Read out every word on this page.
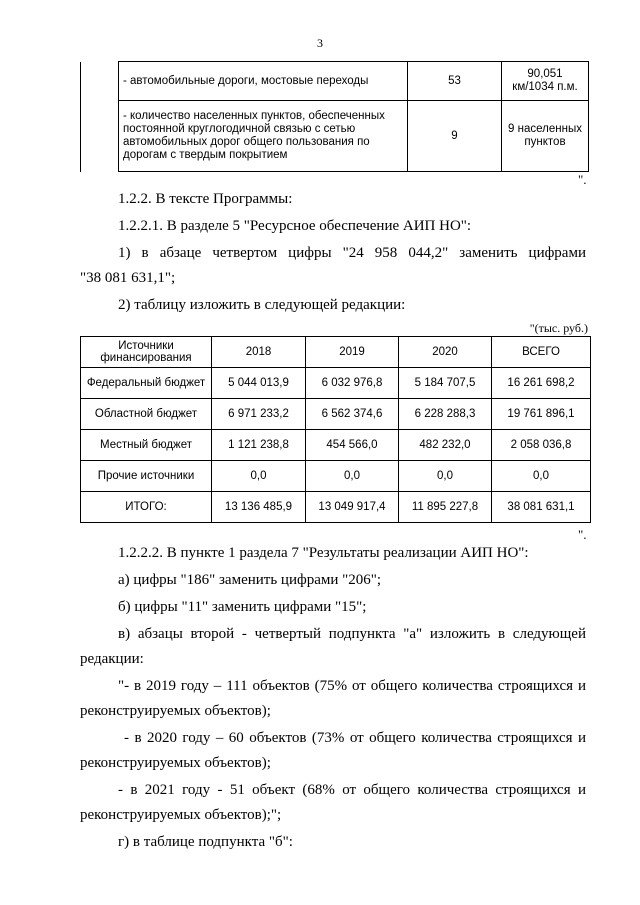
3
	- автомобильные дороги, мостовые переходы	53	90,051 км/1034 п.м.
	- количество населенных пунктов, обеспеченных постоянной круглогодичной связью с сетью автомобильных дорог общего пользования по дорогам с твердым покрытием	9	9 населенных пунктов
".
1.2.2. В тексте Программы:
1.2.2.1. В разделе 5 "Ресурсное обеспечение АИП НО":
1) в абзаце четвертом цифры "24 958 044,2" заменить цифрами
"38 081 631,1";
2) таблицу изложить в следующей редакции:
"(тыс. руб.)
Источники финансирования	2018	2019	2020	ВСЕГО
Федеральный бюджет	5 044 013,9	6 032 976,8	5 184 707,5	16 261 698,2
Областной бюджет	6 971 233,2	6 562 374,6	6 228 288,3	19 761 896,1
Местный бюджет	1 121 238,8	454 566,0	482 232,0	2 058 036,8
Прочие источники	0,0	0,0	0,0	0,0
ИТОГО:	13 136 485,9	13 049 917,4	11 895 227,8	38 081 631,1
".
1.2.2.2. В пункте 1 раздела 7 "Результаты реализации АИП НО":
а) цифры "186" заменить цифрами "206";
б) цифры "11" заменить цифрами "15";
в) абзацы второй - четвертый подпункта "а" изложить в следующей
редакции:
"- в 2019 году – 111 объектов (75% от общего количества строящихся и
реконструируемых объектов);
- в 2020 году – 60 объектов (73% от общего количества строящихся и
реконструируемых объектов);
- в 2021 году - 51 объект (68% от общего количества строящихся и
реконструируемых объектов);";
г) в таблице подпункта "б":
